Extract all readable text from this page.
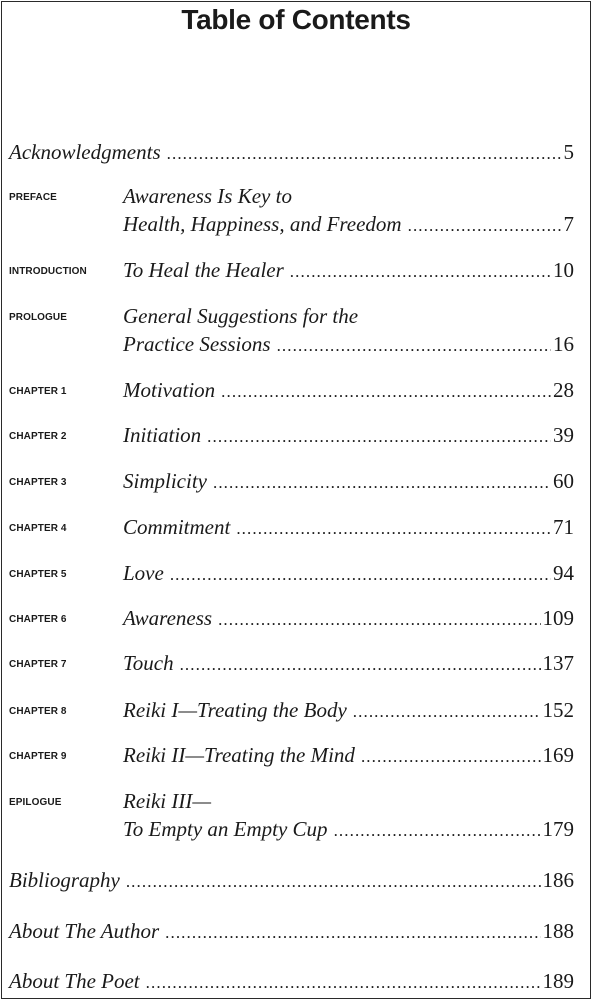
Table of Contents
Acknowledgments .....	5
PREFACE	Awareness Is Key to
Health, Happiness, and Freedom .....	7
INTRODUCTION To Heal the Healer .....	10
PROLOGUE	General Suggestions for the
Practice Sessions .....	16
CHAPTER 1	Motivation .....	28
CHAPTER 2	Initiation .....	39
CHAPTER 3	Simplicity .....	60
CHAPTER 4	Commitment .....	71
CHAPTER 5	Love .....	94
CHAPTER 6	Awareness .....	109
CHAPTER 7	Touch .....	137
CHAPTER 8	Reiki I—Treating the Body .....	152
CHAPTER 9	Reiki II—Treating the Mind .....	169
EPILOGUE	Reiki III—
To Empty an Empty Cup .....	179
Bibliography .....	186
About The Author .....	188
About The Poet .....	189
